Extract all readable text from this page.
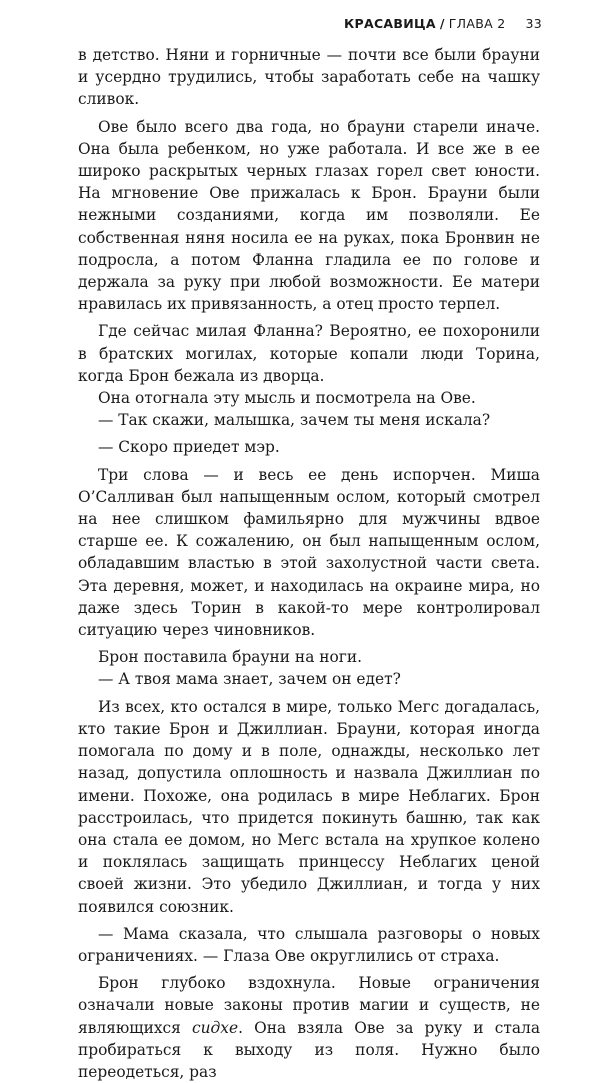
КРАСАВИЦА / ГЛАВА 2 33

в детство. Няни и горничные — почти все были брауни и усердно трудились, чтобы заработать себе на чашку сливок.

Ове было всего два года, но брауни старели иначе. Она была ребенком, но уже работала. И все же в ее широко раскрытых черных глазах горел свет юности. На мгновение Ове прижалась к Брон. Брауни были нежными созданиями, когда им позволяли. Ее собственная няня носила ее на руках, пока Бронвин не подросла, а потом Фланна гладила ее по голове и держала за руку при любой возможности. Ее матери нравилась их привязанность, а отец просто терпел.

Где сейчас милая Фланна? Вероятно, ее похоронили в братских могилах, которые копали люди Торина, когда Брон бежала из дворца.

Она отогнала эту мысль и посмотрела на Ове.

— Так скажи, малышка, зачем ты меня искала?

— Скоро приедет мэр.

Три слова — и весь ее день испорчен. Миша О’Салливан был напыщенным ослом, который смотрел на нее слишком фамильярно для мужчины вдвое старше ее. К сожалению, он был напыщенным ослом, обладавшим властью в этой захолустной части света. Эта деревня, может, и находилась на окраине мира, но даже здесь Торин в какой-то мере контролировал ситуацию через чиновников.

Брон поставила брауни на ноги.

— А твоя мама знает, зачем он едет?

Из всех, кто остался в мире, только Мегс догадалась, кто такие Брон и Джиллиан. Брауни, которая иногда помогала по дому и в поле, однажды, несколько лет назад, допустила оплошность и назвала Джиллиан по имени. Похоже, она родилась в мире Неблагих. Брон расстроилась, что придется покинуть башню, так как она стала ее домом, но Мегс встала на хрупкое колено и поклялась защищать принцессу Неблагих ценой своей жизни. Это убедило Джиллиан, и тогда у них появился союзник.

— Мама сказала, что слышала разговоры о новых ограничениях. — Глаза Ове округлились от страха.

Брон глубоко вздохнула. Новые ограничения означали новые законы против магии и существ, не являющихся сидхе. Она взяла Ове за руку и стала пробираться к выходу из поля. Нужно было переодеться, раз
